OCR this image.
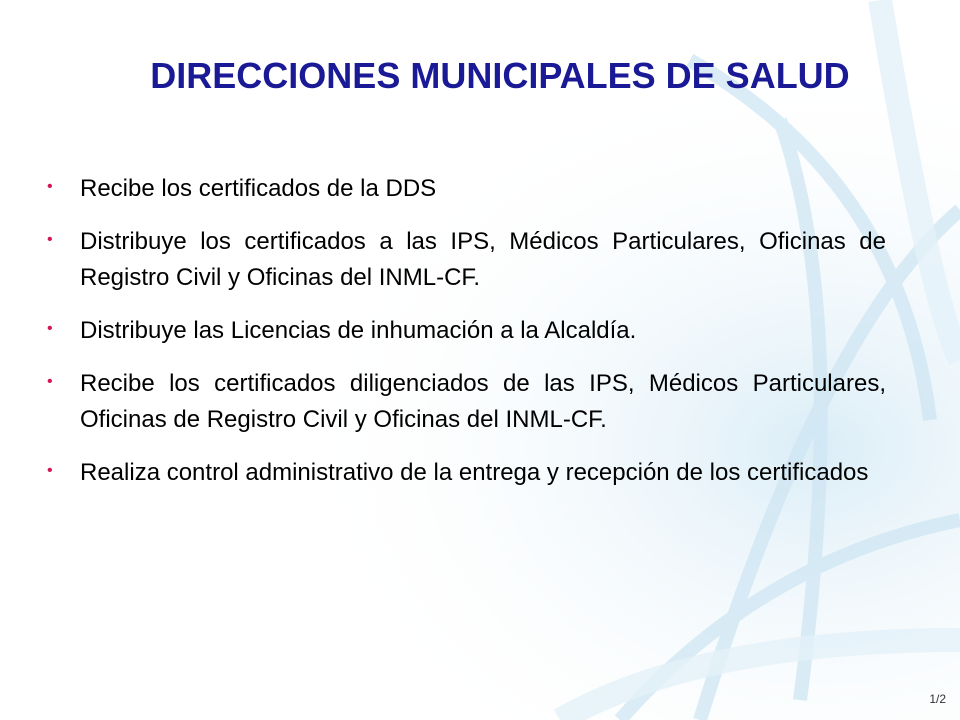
DIRECCIONES MUNICIPALES DE SALUD
• Recibe los certificados de la DDS
• Distribuye los certificados a las IPS, Médicos Particulares, Oficinas de Registro Civil y Oficinas del INML-CF.
• Distribuye las Licencias de inhumación a la Alcaldía.
• Recibe los certificados diligenciados de las IPS, Médicos Particulares, Oficinas de Registro Civil y Oficinas del INML-CF.
• Realiza control administrativo de la entrega y recepción de los certificados
1/2
